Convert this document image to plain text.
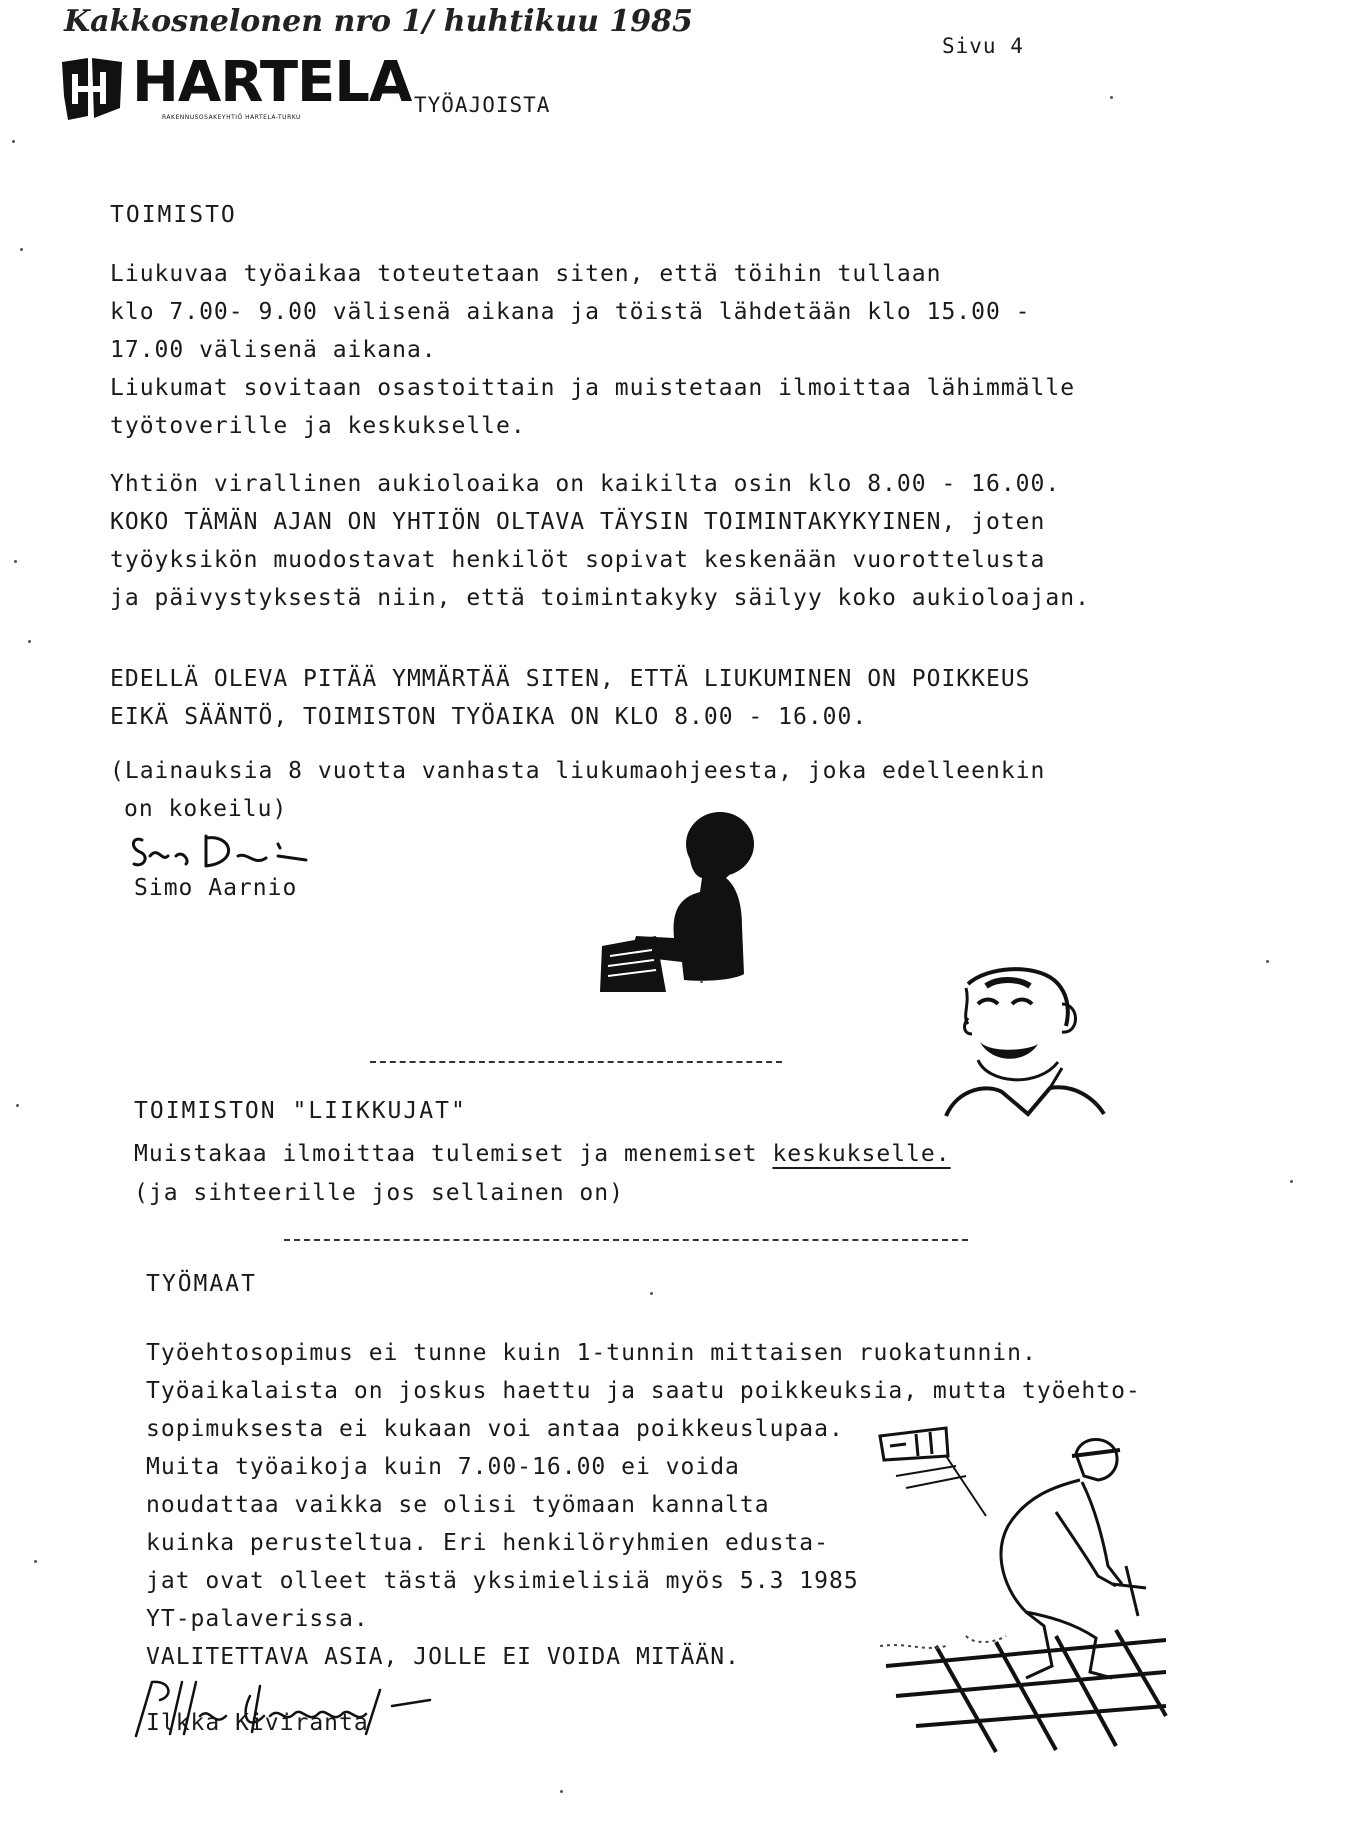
Kakkosnelonen nro 1/ huhtikuu 1985
Sivu 4
HARTELA
RAKENNUSOSAKEYHTIÖ HARTELA-TURKU
TYÖAJOISTA
TOIMISTO
Liukuvaa työaikaa toteutetaan siten, että töihin tullaan
klo 7.00- 9.00 välisenä aikana ja töistä lähdetään klo 15.00 -
17.00 välisenä aikana.
Liukumat sovitaan osastoittain ja muistetaan ilmoittaa lähimmälle
työtoverille ja keskukselle.
Yhtiön virallinen aukioloaika on kaikilta osin klo 8.00 - 16.00.
KOKO TÄMÄN AJAN ON YHTIÖN OLTAVA TÄYSIN TOIMINTAKYKYINEN, joten
työyksikön muodostavat henkilöt sopivat keskenään vuorottelusta
ja päivystyksestä niin, että toimintakyky säilyy koko aukioloajan.
EDELLÄ OLEVA PITÄÄ YMMÄRTÄÄ SITEN, ETTÄ LIUKUMINEN ON POIKKEUS
EIKÄ SÄÄNTÖ, TOIMISTON TYÖAIKA ON KLO 8.00 - 16.00.
(Lainauksia 8 vuotta vanhasta liukumaohjeesta, joka edelleenkin
on kokeilu)
Simo Aarnio
TOIMISTON "LIIKKUJAT"
Muistakaa ilmoittaa tulemiset ja menemiset keskukselle.
(ja sihteerille jos sellainen on)
TYÖMAAT
Työehtosopimus ei tunne kuin 1-tunnin mittaisen ruokatunnin.
Työaikalaista on joskus haettu ja saatu poikkeuksia, mutta työehto-
sopimuksesta ei kukaan voi antaa poikkeuslupaa.
Muita työaikoja kuin 7.00-16.00 ei voida
noudattaa vaikka se olisi työmaan kannalta
kuinka perusteltua. Eri henkilöryhmien edusta-
jat ovat olleet tästä yksimielisiä myös 5.3 1985
YT-palaverissa.
VALITETTAVA ASIA, JOLLE EI VOIDA MITÄÄN.
Ilkka Kiviranta
